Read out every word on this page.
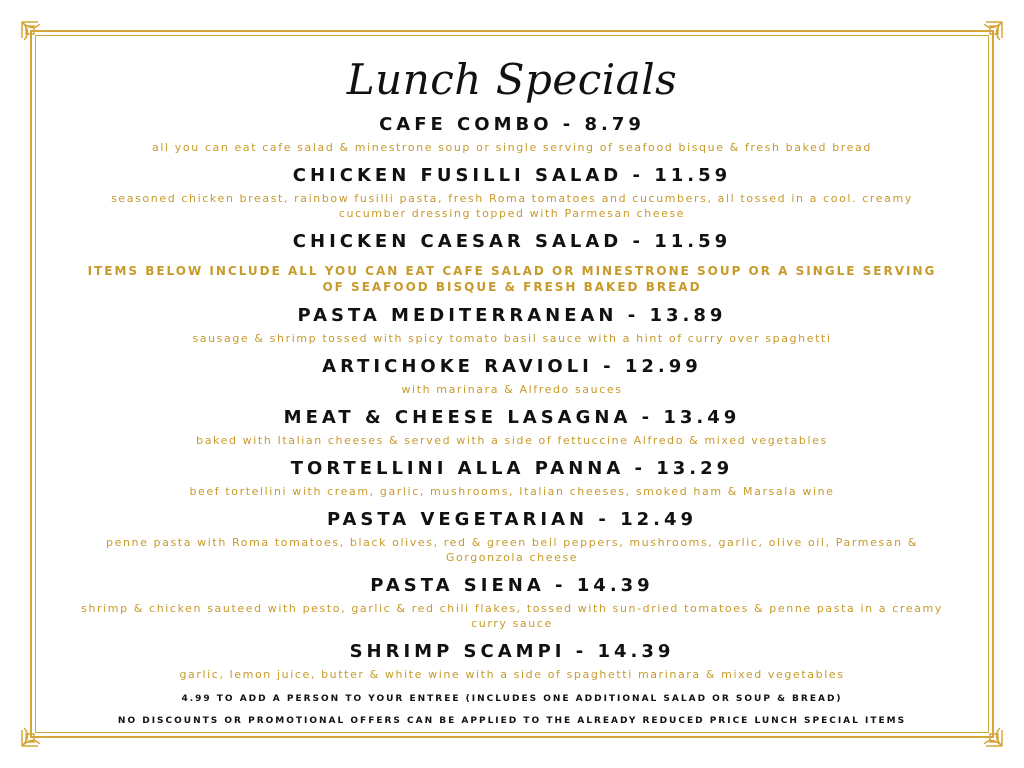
Lunch Specials
CAFE COMBO - 8.79
all you can eat cafe salad & minestrone soup or single serving of seafood bisque & fresh baked bread
CHICKEN FUSILLI SALAD - 11.59
seasoned chicken breast, rainbow fusilli pasta, fresh Roma tomatoes and cucumbers, all tossed in a cool. creamy cucumber dressing topped with Parmesan cheese
CHICKEN CAESAR SALAD - 11.59
ITEMS BELOW INCLUDE ALL YOU CAN EAT CAFE SALAD OR MINESTRONE SOUP OR A SINGLE SERVING OF SEAFOOD BISQUE & FRESH BAKED BREAD
PASTA MEDITERRANEAN - 13.89
sausage & shrimp tossed with spicy tomato basil sauce with a hint of curry over spaghetti
ARTICHOKE RAVIOLI - 12.99
with marinara & Alfredo sauces
MEAT & CHEESE LASAGNA - 13.49
baked with Italian cheeses & served with a side of fettuccine Alfredo & mixed vegetables
TORTELLINI ALLA PANNA - 13.29
beef tortellini with cream, garlic, mushrooms, Italian cheeses, smoked ham & Marsala wine
PASTA VEGETARIAN - 12.49
penne pasta with Roma tomatoes, black olives, red & green bell peppers, mushrooms, garlic, olive oil, Parmesan & Gorgonzola cheese
PASTA SIENA - 14.39
shrimp & chicken sauteed with pesto, garlic & red chili flakes, tossed with sun-dried tomatoes & penne pasta in a creamy curry sauce
SHRIMP SCAMPI - 14.39
garlic, lemon juice, butter & white wine with a side of spaghetti marinara & mixed vegetables
4.99 TO ADD A PERSON TO YOUR ENTREE (INCLUDES ONE ADDITIONAL SALAD OR SOUP & BREAD)
NO DISCOUNTS OR PROMOTIONAL OFFERS CAN BE APPLIED TO THE ALREADY REDUCED PRICE LUNCH SPECIAL ITEMS
